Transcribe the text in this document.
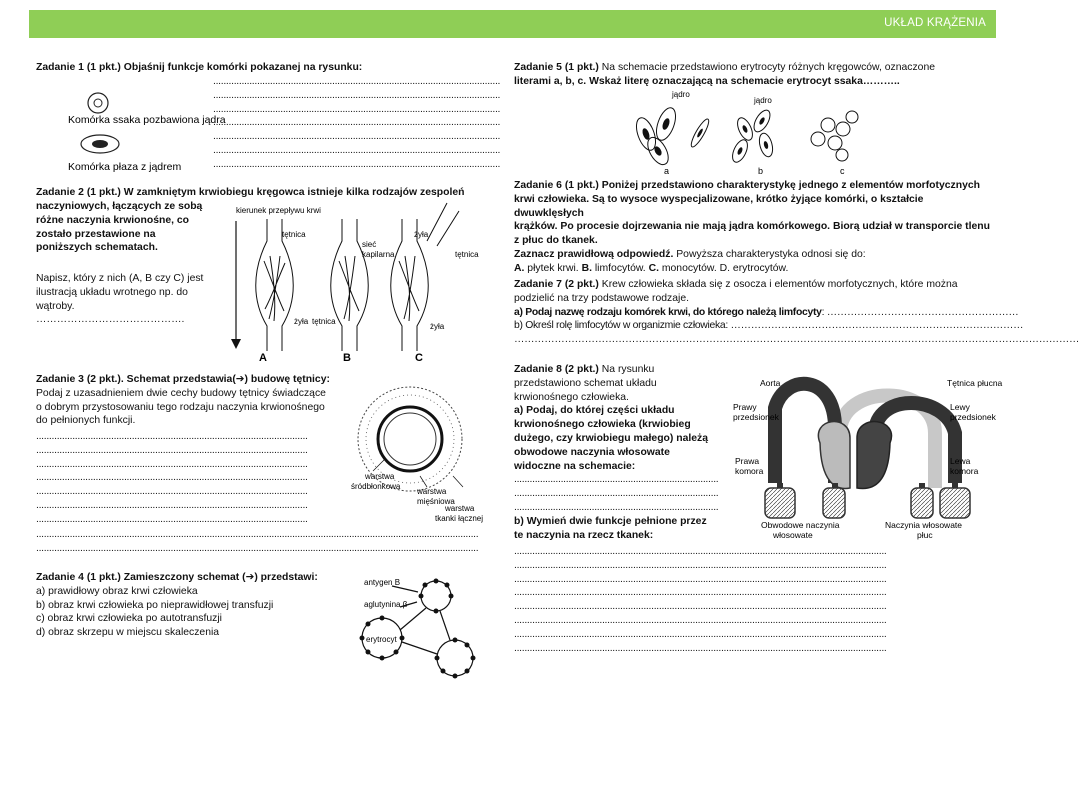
UKŁAD KRĄŻENIA
Zadanie 1 (1 pkt.) Objaśnij funkcje komórki pokazanej na rysunku:
...............................................................................................................
...............................................................................................................
...............................................................................................................
...............................................................................................................
...............................................................................................................
...............................................................................................................
...............................................................................................................
Komórka ssaka pozbawiona jądra
Komórka płaza z jądrem
Zadanie 2 (1 pkt.) W zamkniętym krwiobiegu kręgowca istnieje kilka rodzajów zespoleń
naczyniowych, łączących ze sobą
różne naczynia krwionośne, co
zostało przestawione na
poniższych schematach.
Napisz, który z nich (A, B czy C) jest
ilustracją układu wrotnego np. do
wątroby. …………………………………….
kierunek przepływu krwi
tętnica
żyła
A
sieć
kapilarna
tętnica
B
żyła
tętnica
żyła
C
Zadanie 3 (2 pkt.). Schemat przedstawia(➔) budowę tętnicy:
Podaj z uzasadnieniem dwie cechy budowy tętnicy świadczące
o dobrym przystosowaniu tego rodzaju naczynia krwionośnego
do pełnionych funkcji.
.........................................................................................................
.........................................................................................................
.........................................................................................................
.........................................................................................................
.........................................................................................................
.........................................................................................................
.........................................................................................................
...........................................................................................................................................................................
...........................................................................................................................................................................
warstwa
śródbłonkowa
warstwa
mięśniowa
warstwa
tkanki łącznej
Zadanie 4 (1 pkt.) Zamieszczony schemat (➔) przedstawi:
a) prawidłowy obraz krwi człowieka
b) obraz krwi człowieka po nieprawidłowej transfuzji
c) obraz krwi człowieka po autotransfuzji
d) obraz skrzepu w miejscu skaleczenia
antygen B
aglutynina β
erytrocyt
Zadanie 5 (1 pkt.) Na schemacie przedstawiono erytrocyty różnych kręgowców, oznaczone
literami a, b, c. Wskaż literę oznaczającą na schemacie erytrocyt ssaka………..
jądro
jądro
a	b	c
Zadanie 6 (1 pkt.) Poniżej przedstawiono charakterystykę jednego z elementów morfotycznych
krwi człowieka. Są to wysoce wyspecjalizowane, krótko żyjące komórki, o kształcie dwuwklęsłych
krążków. Po procesie dojrzewania nie mają jądra komórkowego. Biorą udział w transporcie tlenu
z płuc do tkanek.
Zaznacz prawidłową odpowiedź. Powyższa charakterystyka odnosi się do:
A. płytek krwi. B. limfocytów. C. monocytów. D. erytrocytów.
Zadanie 7 (2 pkt.) Krew człowieka składa się z osocza i elementów morfotycznych, które można
podzielić na trzy podstawowe rodzaje.
a) Podaj nazwę rodzaju komórek krwi, do którego należą limfocyty: …………………………………………………
b) Określ rolę limfocytów w organizmie człowieka: ……………………………………………………………………………
……………………………………………………………………………………………………………………………………………………
Zadanie 8 (2 pkt.) Na rysunku
przedstawiono schemat układu
krwionośnego człowieka.
a) Podaj, do której części układu
krwionośnego człowieka (krwiobieg
dużego, czy krwiobiegu małego) należą
obwodowe naczynia włosowate
widoczne na schemacie:
...............................................................................
...............................................................................
...............................................................................
b) Wymień dwie funkcje pełnione przez
te naczynia na rzecz tkanek:
................................................................................................................................................
................................................................................................................................................
................................................................................................................................................
................................................................................................................................................
................................................................................................................................................
................................................................................................................................................
................................................................................................................................................
................................................................................................................................................
Aorta	Tętnica płucna
Prawy
przedsionek
Lewy
przedsionek
Prawa
komora
Lewa
komora
Obwodowe naczynia
włosowate
Naczynia włosowate
płuc
